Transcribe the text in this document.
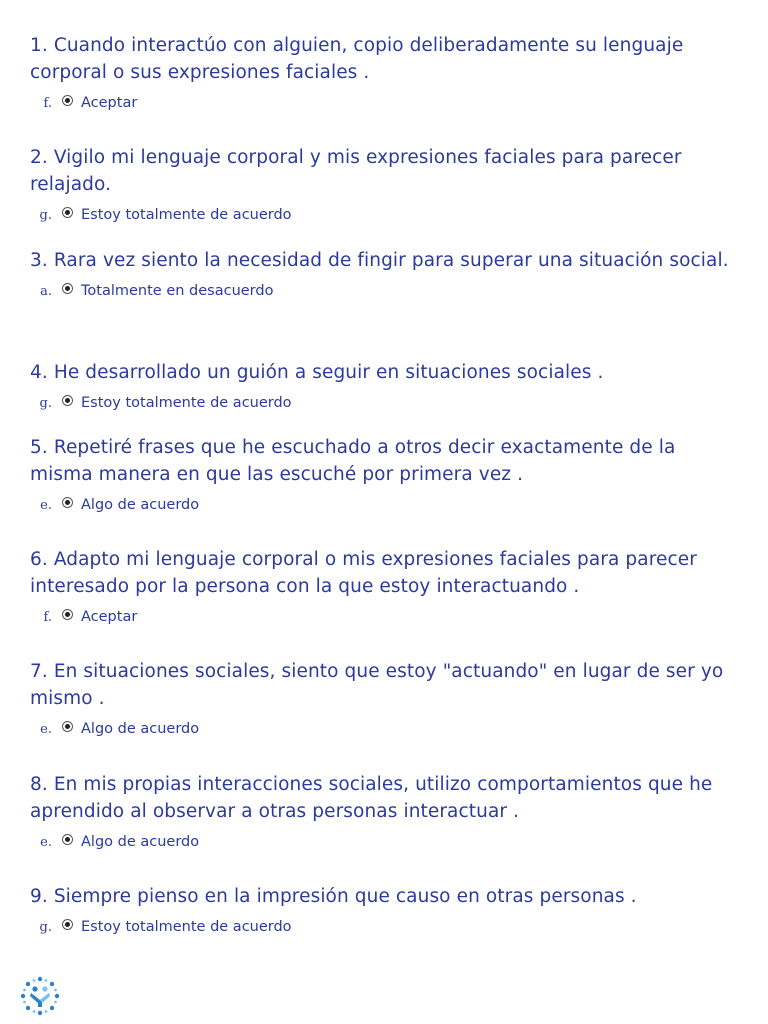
1. Cuando interactúo con alguien, copio deliberadamente su lenguaje corporal o sus expresiones faciales .

f. Aceptar

2. Vigilo mi lenguaje corporal y mis expresiones faciales para parecer relajado.

g. Estoy totalmente de acuerdo

3. Rara vez siento la necesidad de fingir para superar una situación social.

a. Totalmente en desacuerdo

4. He desarrollado un guión a seguir en situaciones sociales .

g. Estoy totalmente de acuerdo

5. Repetiré frases que he escuchado a otros decir exactamente de la misma manera en que las escuché por primera vez .

e. Algo de acuerdo

6. Adapto mi lenguaje corporal o mis expresiones faciales para parecer interesado por la persona con la que estoy interactuando .

f. Aceptar

7. En situaciones sociales, siento que estoy "actuando" en lugar de ser yo mismo .

e. Algo de acuerdo

8. En mis propias interacciones sociales, utilizo comportamientos que he aprendido al observar a otras personas interactuar .

e. Algo de acuerdo

9. Siempre pienso en la impresión que causo en otras personas .

g. Estoy totalmente de acuerdo
